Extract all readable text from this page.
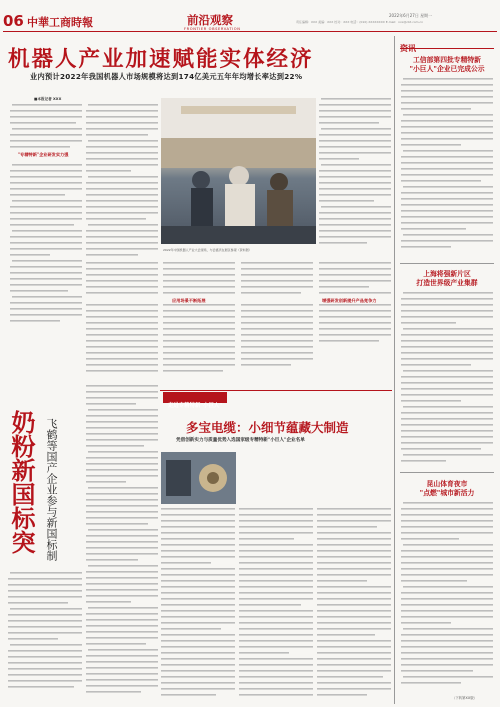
06 中華工商時報	前沿观察
FRONTIER OBSERVATION
2022年6月27日 星期一
责任编辑：XXX 美编：XXX 校对：XXX 电话：(010) XXXXXXXX E-mail：xxx@cbt.com.cn
机器人产业加速赋能实体经济
业内预计2022年我国机器人市场规模将达到174亿美元五年年均增长率达到22%
■本报记者 XXX
"专精特新"企业研发实力强
2022年中国机器人产业大会现场，与会嘉宾在展区参观（资料图）
应用场景不断拓展	增强研发创新提升产品竞争力
奶粉新国标突
飞鹤等国产企业参与新国标制
走进专精特新"小巨人"
多宝电缆：小细节蕴藏大制造
凭借创新实力与质量优势入选国家级专精特新"小巨人"企业名单
资讯
工信部第四批专精特新
"小巨人"企业已完成公示
上海将强新片区
打造世界级产业集群
昆山体育夜市
"点燃"城市新活力
（下转第XX版）
